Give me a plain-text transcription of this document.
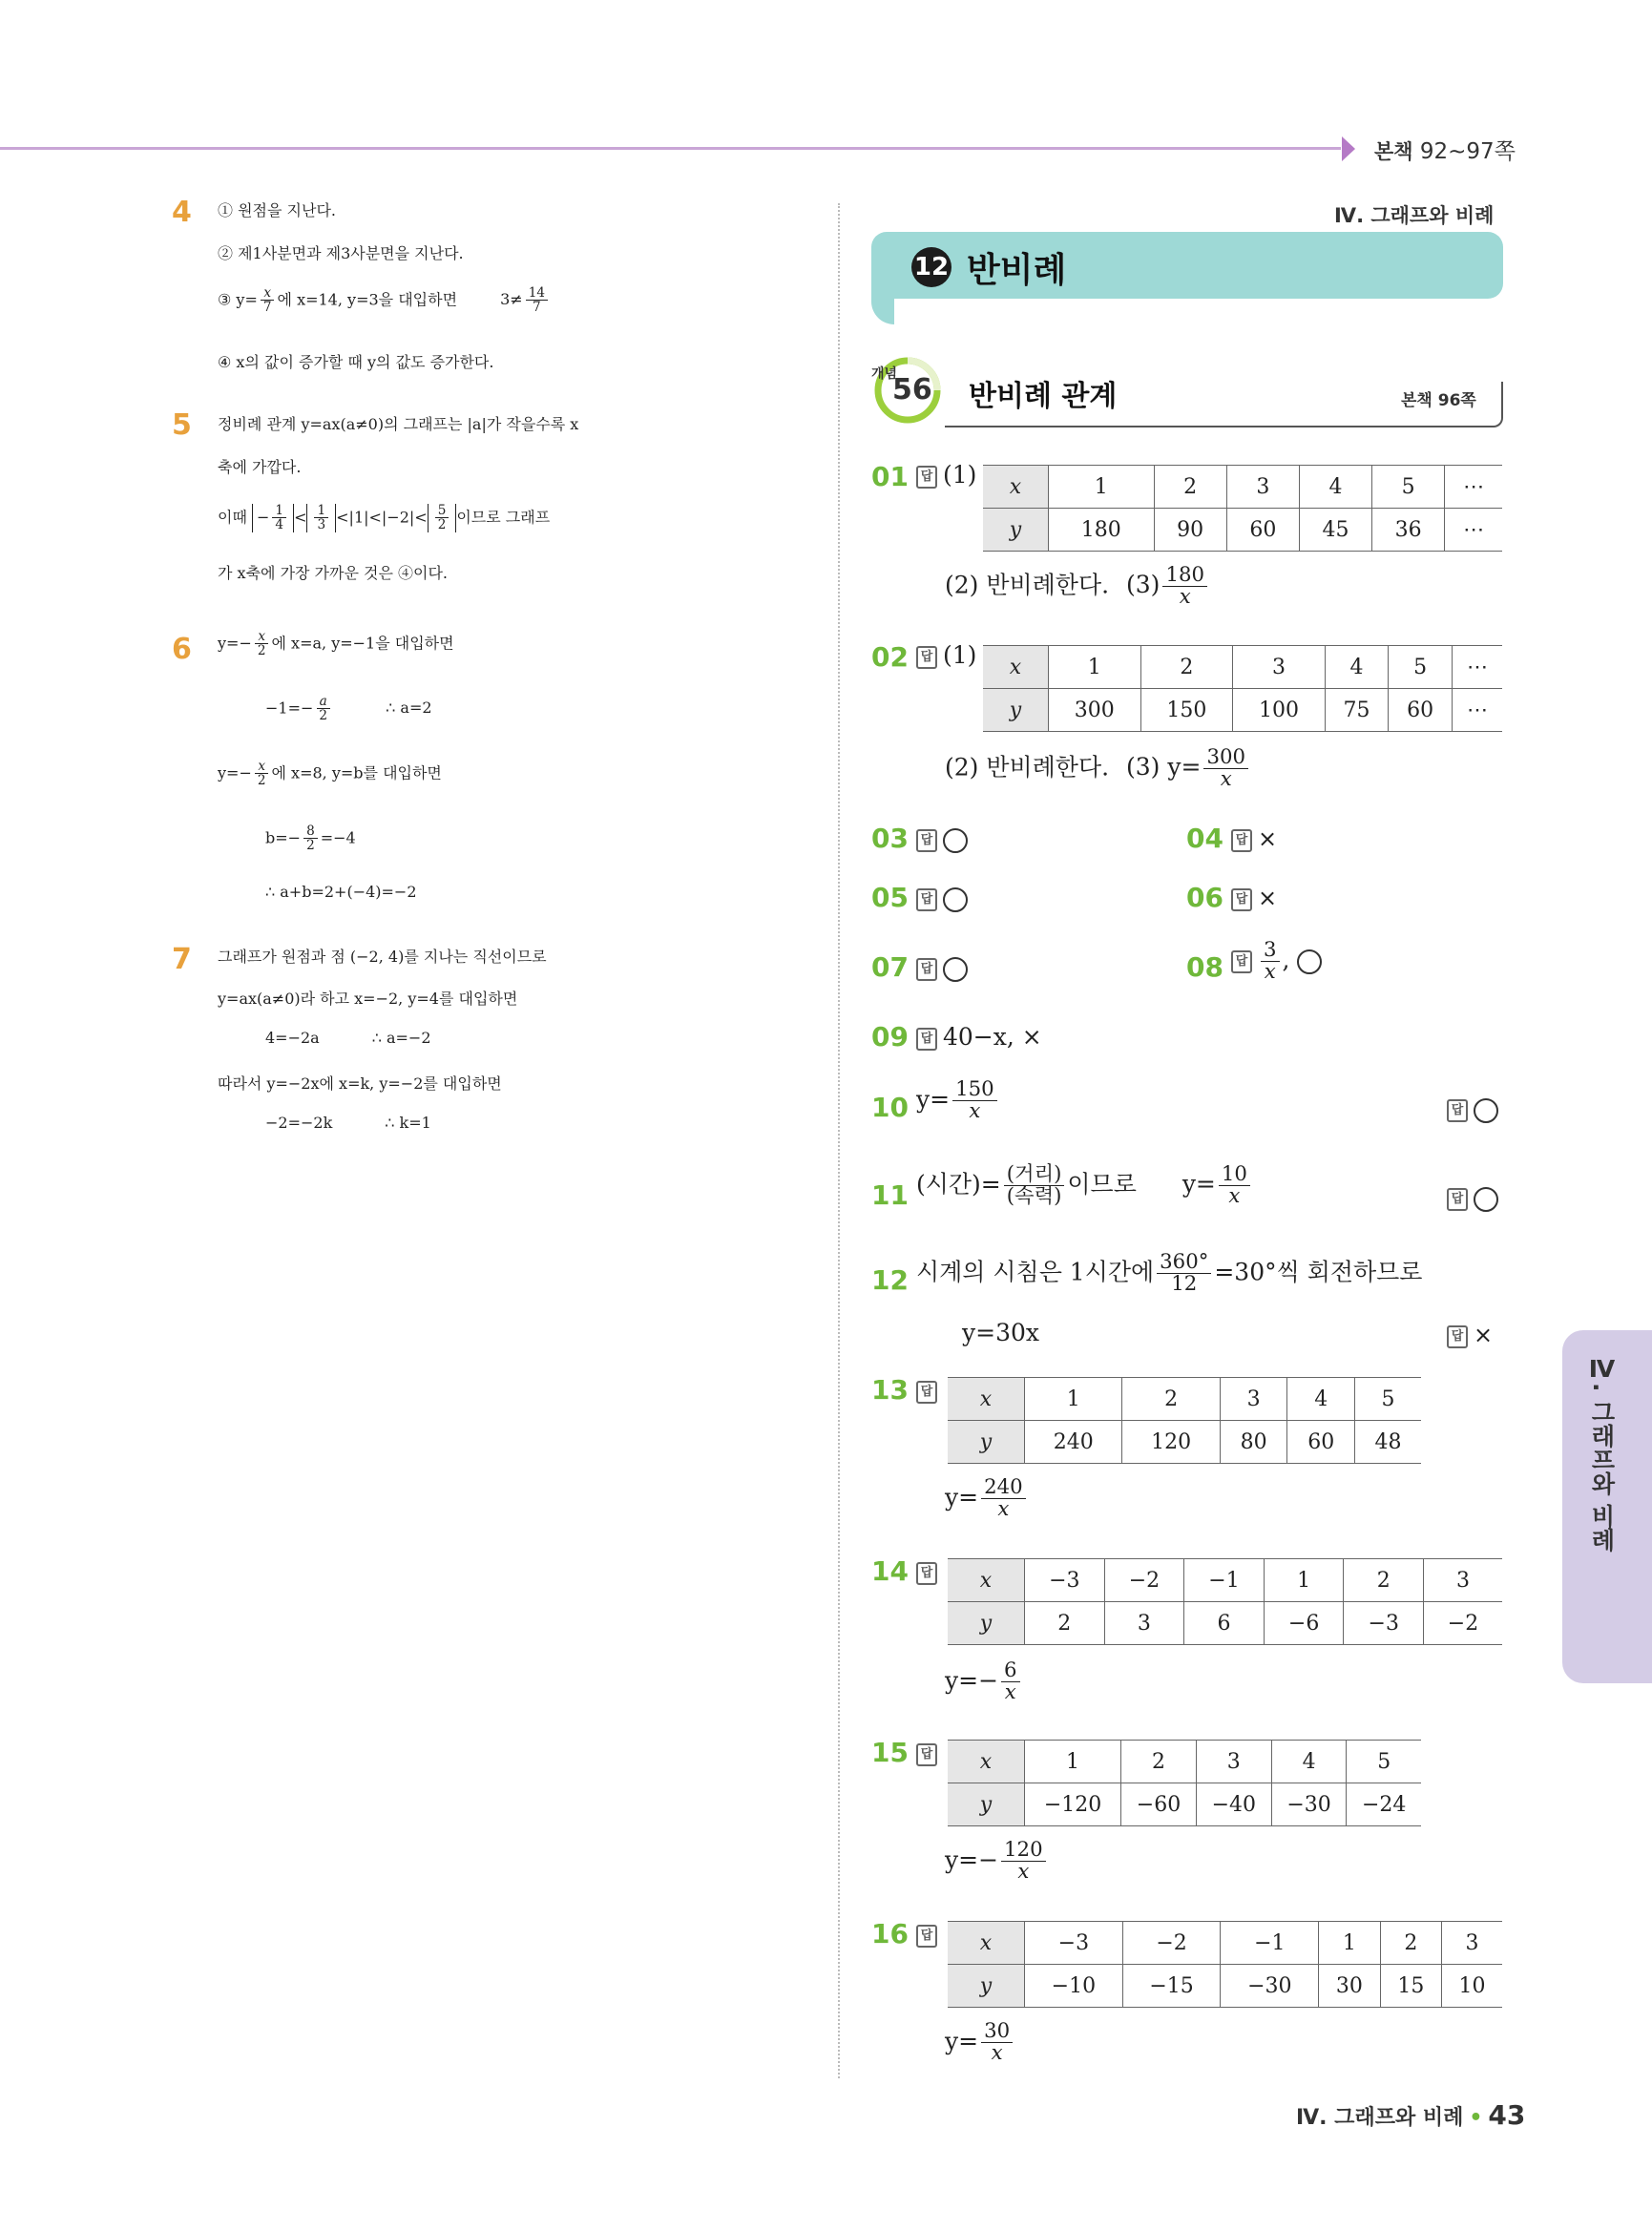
본책 92~97쪽
4 ① 원점을 지난다.
② 제1사분면과 제3사분면을 지난다.
③ $y= \frac{x}{7}$ 에 x=14, y=3을 대입하면	$3\ne \frac{14}{7}$
④ x의 값이 증가할 때 y의 값도 증가한다.
5 정비례 관계 y=ax(a≠0)의 그래프는 |a|가 작을수록 x
축에 가깝다.
이때 − $\frac{1}{4} < \frac{1}{3} <|1|<|-2|< \frac{5}{2}$ 이므로 그래프
가 x축에 가장 가까운 것은 ④이다.
6 $y=- \frac{x}{2}$ 에 x=a, y=−1을 대입하면
$-1=- \frac{a}{2}$	∴ a=2
$y=- \frac{x}{2}$ 에 x=8, y=b를 대입하면
$b=- \frac{8}{2} =-4$
∴ a+b=2+(−4)=−2
7 그래프가 원점과 점 (−2, 4)를 지나는 직선이므로
y=ax(a≠0)라 하고 x=−2, y=4를 대입하면
4=−2a	∴ a=−2
따라서 y=−2x에 x=k, y=−2를 대입하면
−2=−2k	∴ k=1
Ⅳ. 그래프와 비례
12 반비례
개념
56 반비례 관계	본책 96쪽
01 답 (1) x	1	2	3	4	5	⋯
y	180	90	60	45	36	⋯
(2) 반비례한다. $(3) \frac{180}{x}$
02 답 (1) x	1	2	3	4	5	⋯
y	300	150	100	75	60	⋯
(2) 반비례한다. (3) $y= \frac{300}{x}$
03 답	04 답 ×
05 답	06 답 ×
07 답	08 답 $\frac{3}{x}$ ,
09 답 40−x, ×
10 $y= \frac{150}{x}$	답
11 (시간)= $\frac{\text{(거리)}}{\text{(속력)}}$ 이므로 $y= \frac{10}{x}$	답
12 시계의 시침은 1시간에 $\frac{360^\circ}{12} =30^\circ$씩 회전하므로
y=30x	답 ×
13 답	x	1	2	3	4	5
y	240	120	80	60	48
$y= \frac{240}{x}$
14 답	x	−3	−2	−1	1	2	3
y	2	3	6	−6	−3	−2
$y=- \frac{6}{x}$
15 답	x	1	2	3	4	5
y	−120	−60	−40	−30	−24
$y=- \frac{120}{x}$
16 답	x	−3	−2	−1	1	2	3
y	−10	−15	−30	30	15	10
$y= \frac{30}{x}$
Ⅳ. 그래프와 비례
Ⅳ. 그래프와 비례 • 43
